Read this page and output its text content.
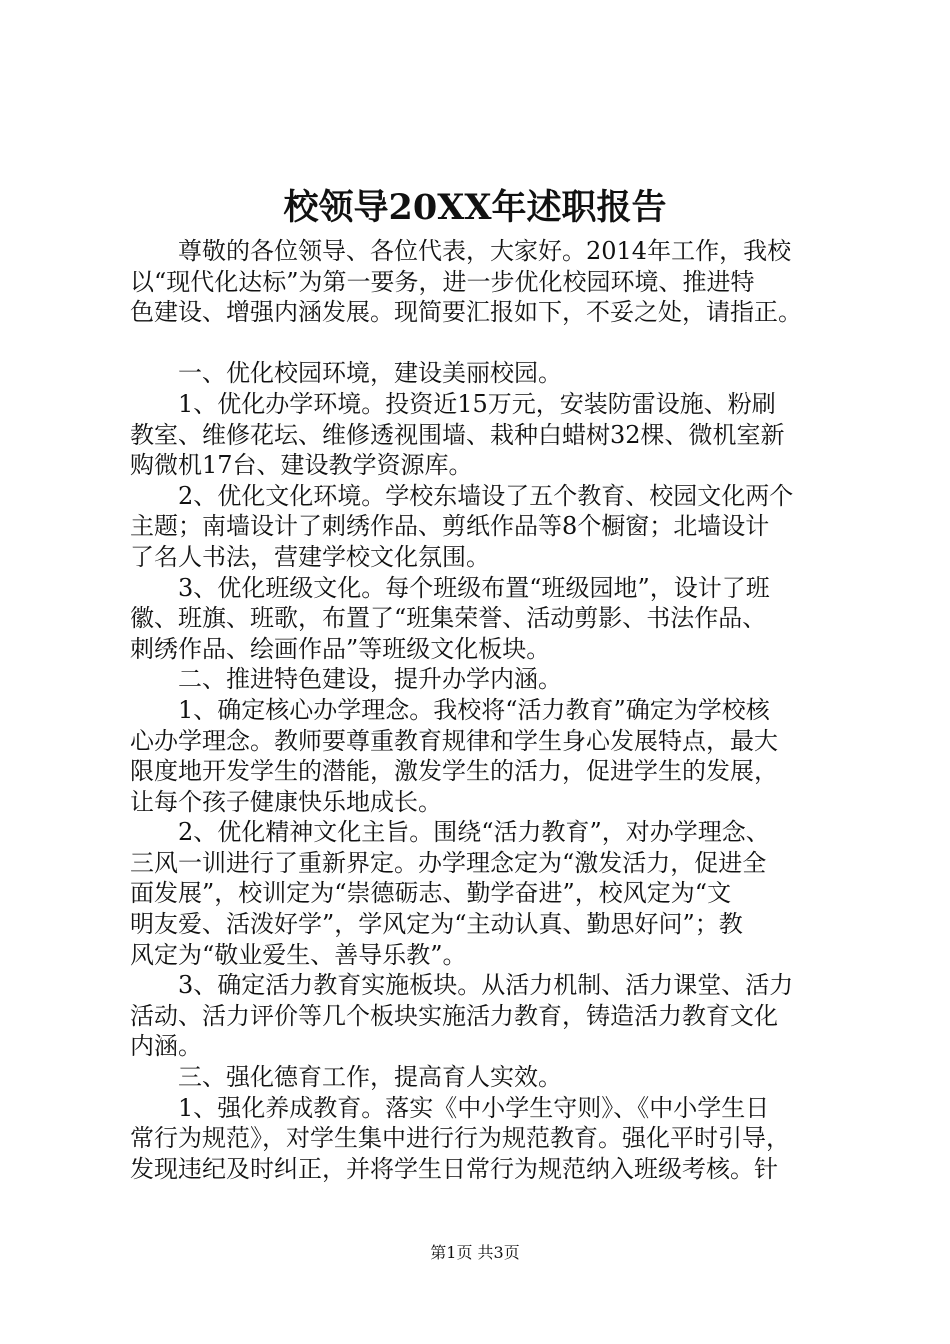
校领导20XX年述职报告
尊敬的各位领导、各位代表，大家好。2014年工作，我校
以“现代化达标”为第一要务，进一步优化校园环境、推进特
色建设、增强内涵发展。现简要汇报如下，不妥之处，请指正。
一、优化校园环境，建设美丽校园。
1、优化办学环境。投资近15万元，安装防雷设施、粉刷
教室、维修花坛、维修透视围墙、栽种白蜡树32棵、微机室新
购微机17台、建设教学资源库。
2、优化文化环境。学校东墙设了五个教育、校园文化两个
主题；南墙设计了刺绣作品、剪纸作品等8个橱窗；北墙设计
了名人书法，营建学校文化氛围。
3、优化班级文化。每个班级布置“班级园地”，设计了班
徽、班旗、班歌，布置了“班集荣誉、活动剪影、书法作品、
刺绣作品、绘画作品”等班级文化板块。
二、推进特色建设，提升办学内涵。
1、确定核心办学理念。我校将“活力教育”确定为学校核
心办学理念。教师要尊重教育规律和学生身心发展特点，最大
限度地开发学生的潜能，激发学生的活力，促进学生的发展，
让每个孩子健康快乐地成长。
2、优化精神文化主旨。围绕“活力教育”，对办学理念、
三风一训进行了重新界定。办学理念定为“激发活力，促进全
面发展”，校训定为“崇德砺志、勤学奋进”，校风定为“文
明友爱、活泼好学”，学风定为“主动认真、勤思好问”；教
风定为“敬业爱生、善导乐教”。
3、确定活力教育实施板块。从活力机制、活力课堂、活力
活动、活力评价等几个板块实施活力教育，铸造活力教育文化
内涵。
三、强化德育工作，提高育人实效。
1、强化养成教育。落实《中小学生守则》、《中小学生日
常行为规范》，对学生集中进行行为规范教育。强化平时引导，
发现违纪及时纠正，并将学生日常行为规范纳入班级考核。针
第1页 共3页
